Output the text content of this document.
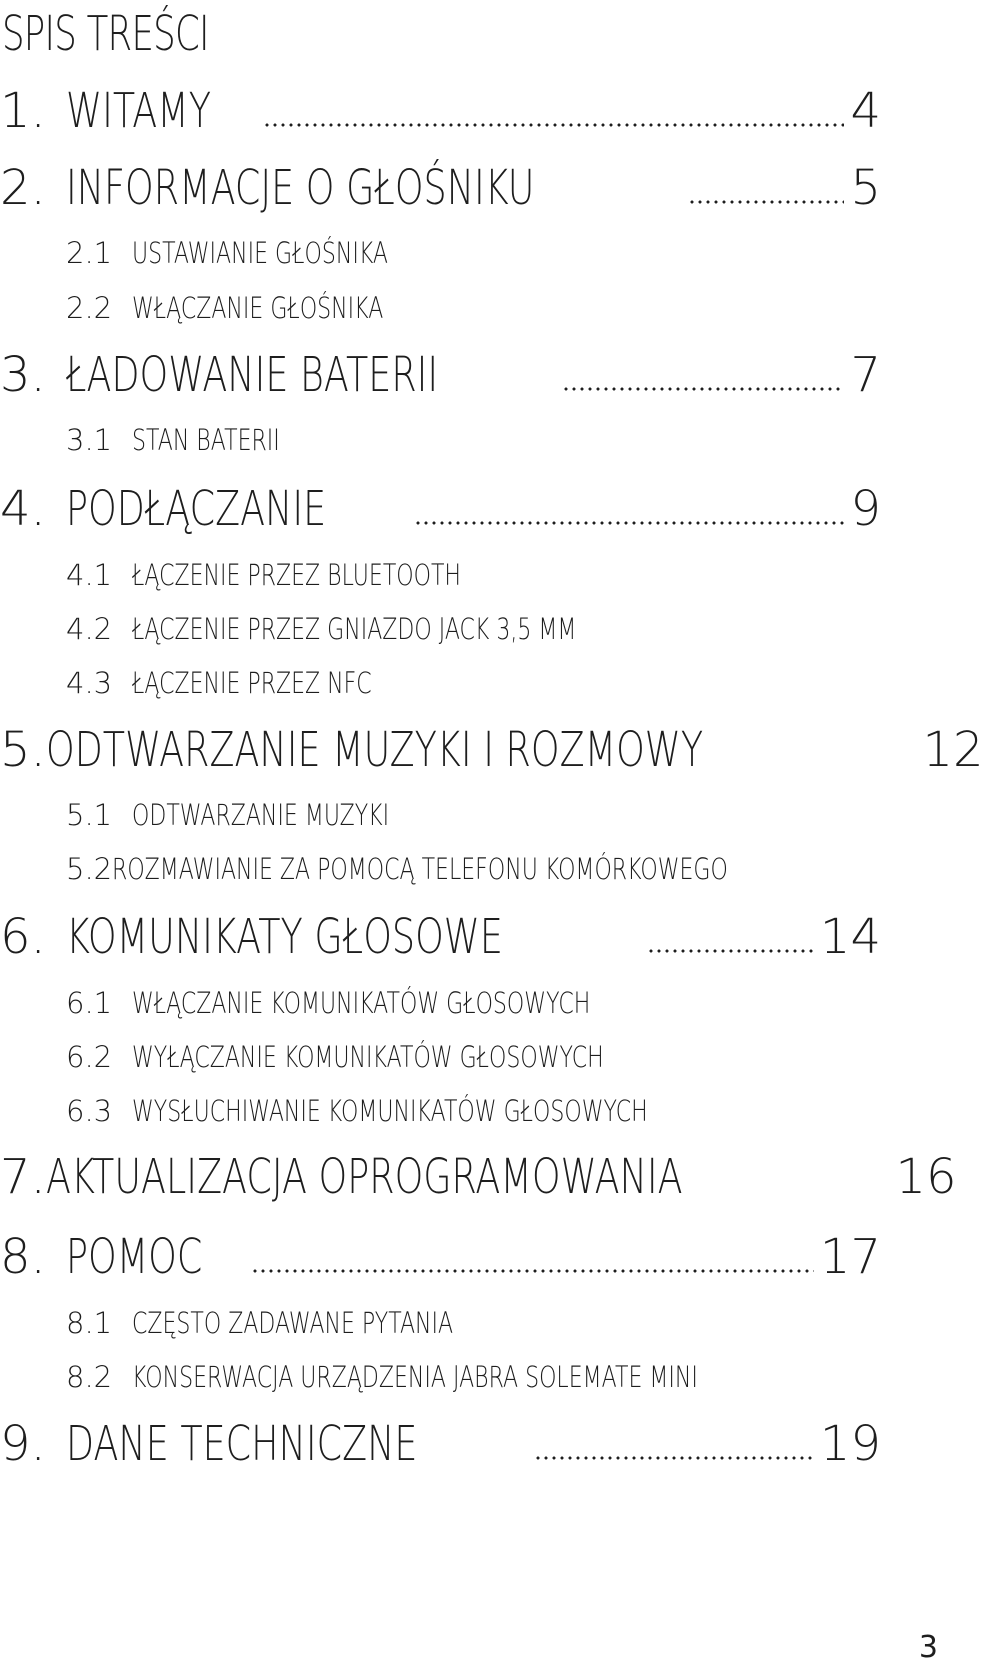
SPIS TREŚCI
1. WITAMY	4
2. INFORMACJE O GŁOŚNIKU	5
2.1 USTAWIANIE GŁOŚNIKA
2.2 WŁĄCZANIE GŁOŚNIKA
3. ŁADOWANIE BATERII	7
3.1 STAN BATERII
4. PODŁĄCZANIE	9
4.1 ŁĄCZENIE PRZEZ BLUETOOTH
4.2 ŁĄCZENIE PRZEZ GNIAZDO JACK 3,5 MM
4.3 ŁĄCZENIE PRZEZ NFC
5. ODTWARZANIE MUZYKI I ROZMOWY	12
5.1 ODTWARZANIE MUZYKI
5.2 ROZMAWIANIE ZA POMOCĄ TELEFONU KOMÓRKOWEGO
6. KOMUNIKATY GŁOSOWE	14
6.1 WŁĄCZANIE KOMUNIKATÓW GŁOSOWYCH
6.2 WYŁĄCZANIE KOMUNIKATÓW GŁOSOWYCH
6.3 WYSŁUCHIWANIE KOMUNIKATÓW GŁOSOWYCH
7. AKTUALIZACJA OPROGRAMOWANIA	16
8. POMOC	17
8.1 CZĘSTO ZADAWANE PYTANIA
8.2 KONSERWACJA URZĄDZENIA JABRA SOLEMATE MINI
9. DANE TECHNICZNE	19
3
